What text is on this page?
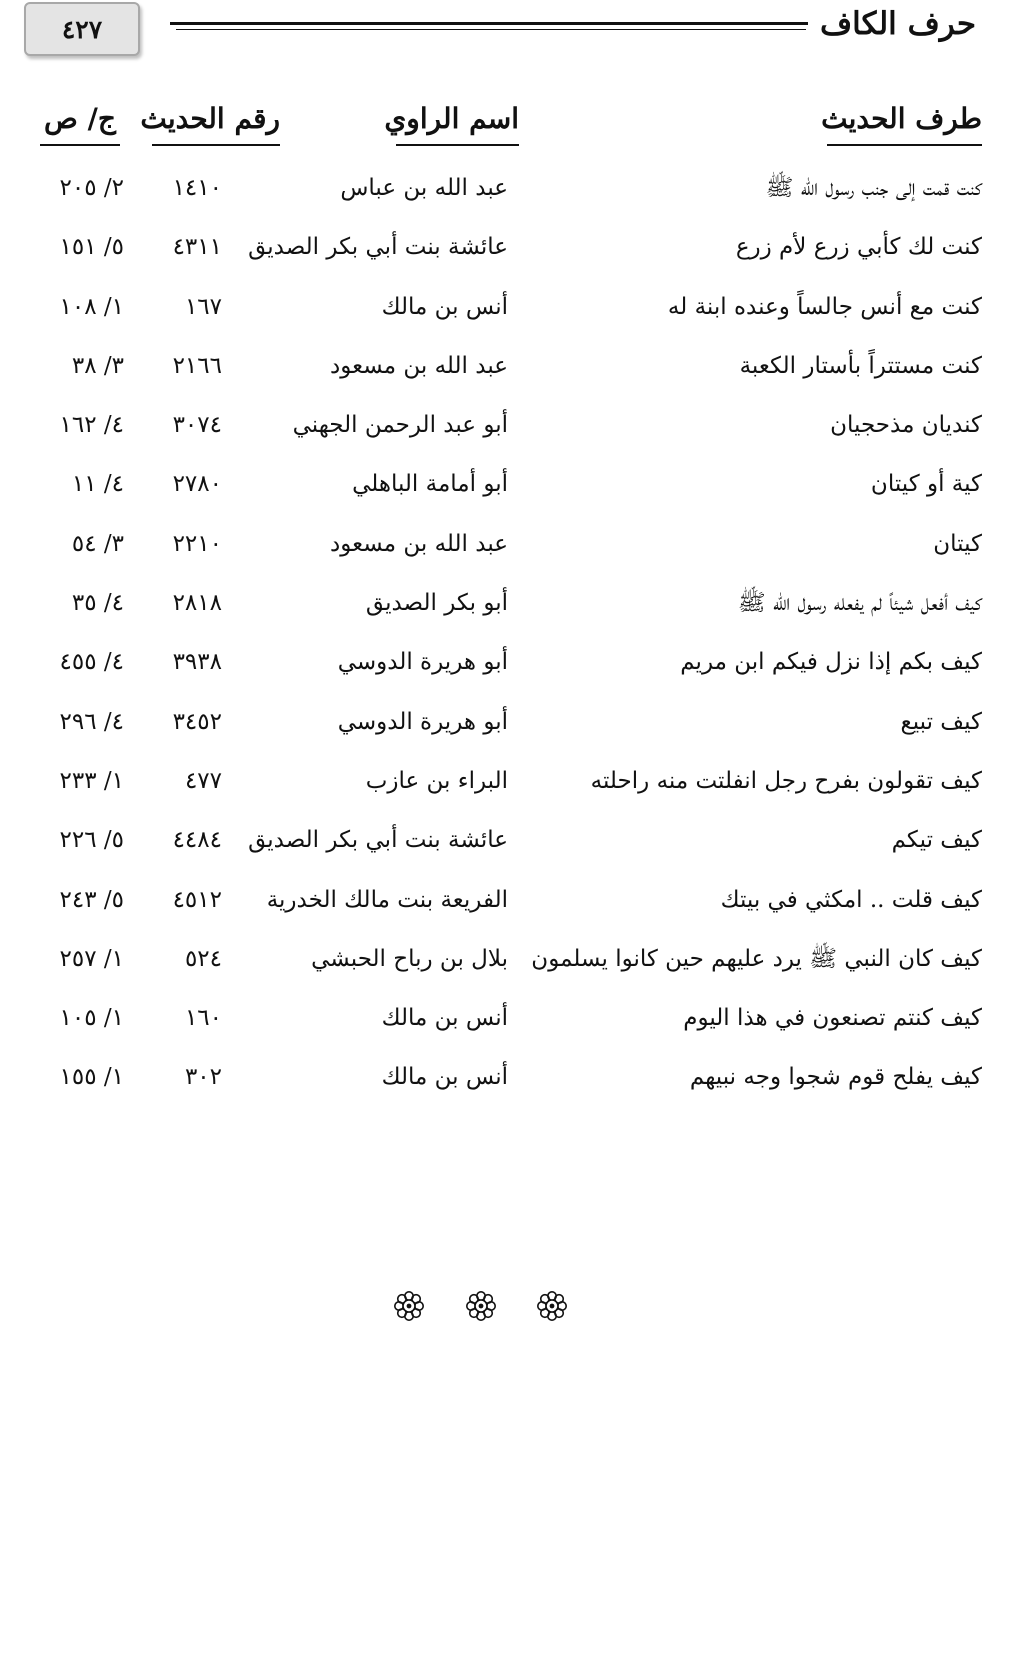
حرف الكاف
٤٢٧
طرف الحديث
اسم الراوي
رقم الحديث
ج/ ص
كنت قمت إلى جنب رسول الله ﷺ
عبد الله بن عباس
١٤١٠
٢/ ٢٠٥
كنت لك كأبي زرع لأم زرع
عائشة بنت أبي بكر الصديق
٤٣١١
٥/ ١٥١
كنت مع أنس جالساً وعنده ابنة له
أنس بن مالك
١٦٧
١/ ١٠٨
كنت مستتراً بأستار الكعبة
عبد الله بن مسعود
٢١٦٦
٣/ ٣٨
كنديان مذحجيان
أبو عبد الرحمن الجهني
٣٠٧٤
٤/ ١٦٢
كية أو كيتان
أبو أمامة الباهلي
٢٧٨٠
٤/ ١١
كيتان
عبد الله بن مسعود
٢٢١٠
٣/ ٥٤
كيف أفعل شيئاً لم يفعله رسول الله ﷺ
أبو بكر الصديق
٢٨١٨
٤/ ٣٥
كيف بكم إذا نزل فيكم ابن مريم
أبو هريرة الدوسي
٣٩٣٨
٤/ ٤٥٥
كيف تبيع
أبو هريرة الدوسي
٣٤٥٢
٤/ ٢٩٦
كيف تقولون بفرح رجل انفلتت منه راحلته
البراء بن عازب
٤٧٧
١/ ٢٣٣
كيف تيكم
عائشة بنت أبي بكر الصديق
٤٤٨٤
٥/ ٢٢٦
كيف قلت .. امكثي في بيتك
الفريعة بنت مالك الخدرية
٤٥١٢
٥/ ٢٤٣
كيف كان النبي ﷺ يرد عليهم حين كانوا يسلمون
بلال بن رباح الحبشي
٥٢٤
١/ ٢٥٧
كيف كنتم تصنعون في هذا اليوم
أنس بن مالك
١٦٠
١/ ١٠٥
كيف يفلح قوم شجوا وجه نبيهم
أنس بن مالك
٣٠٢
١/ ١٥٥
